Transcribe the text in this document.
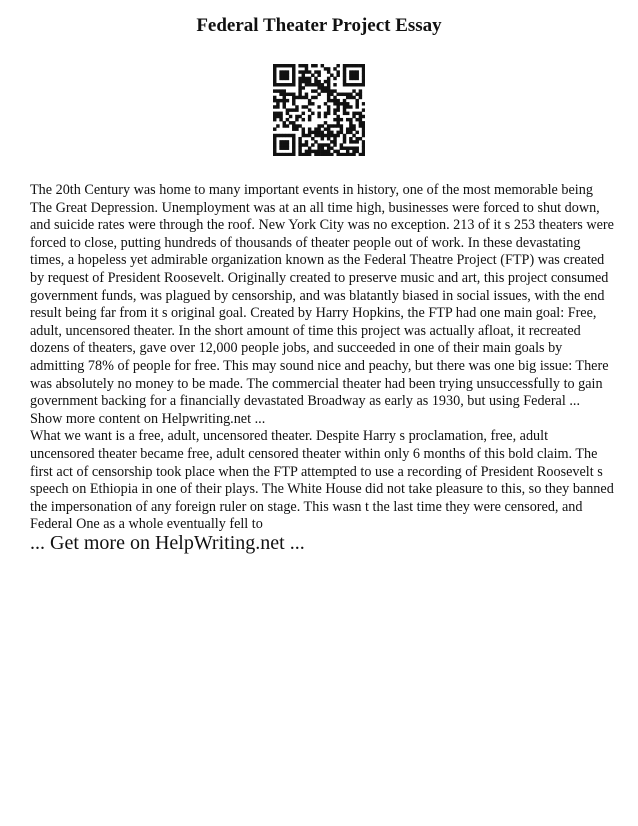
Federal Theater Project Essay

The 20th Century was home to many important events in history, one of the most memorable being The Great Depression. Unemployment was at an all time high, businesses were forced to shut down, and suicide rates were through the roof. New York City was no exception. 213 of it s 253 theaters were forced to close, putting hundreds of thousands of theater people out of work. In these devastating times, a hopeless yet admirable organization known as the Federal Theatre Project (FTP) was created by request of President Roosevelt. Originally created to preserve music and art, this project consumed government funds, was plagued by censorship, and was blatantly biased in social issues, with the end result being far from it s original goal. Created by Harry Hopkins, the FTP had one main goal: Free, adult, uncensored theater. In the short amount of time this project was actually afloat, it recreated dozens of theaters, gave over 12,000 people jobs, and succeeded in one of their main goals by admitting 78% of people for free. This may sound nice and peachy, but there was one big issue: There was absolutely no money to be made. The commercial theater had been trying unsuccessfully to gain government backing for a financially devastated Broadway as early as 1930, but using Federal ...

Show more content on Helpwriting.net ...

What we want is a free, adult, uncensored theater. Despite Harry s proclamation, free, adult uncensored theater became free, adult censored theater within only 6 months of this bold claim. The first act of censorship took place when the FTP attempted to use a recording of President Roosevelt s speech on Ethiopia in one of their plays. The White House did not take pleasure to this, so they banned the impersonation of any foreign ruler on stage. This wasn t the last time they were censored, and Federal One as a whole eventually fell to

... Get more on HelpWriting.net ...
